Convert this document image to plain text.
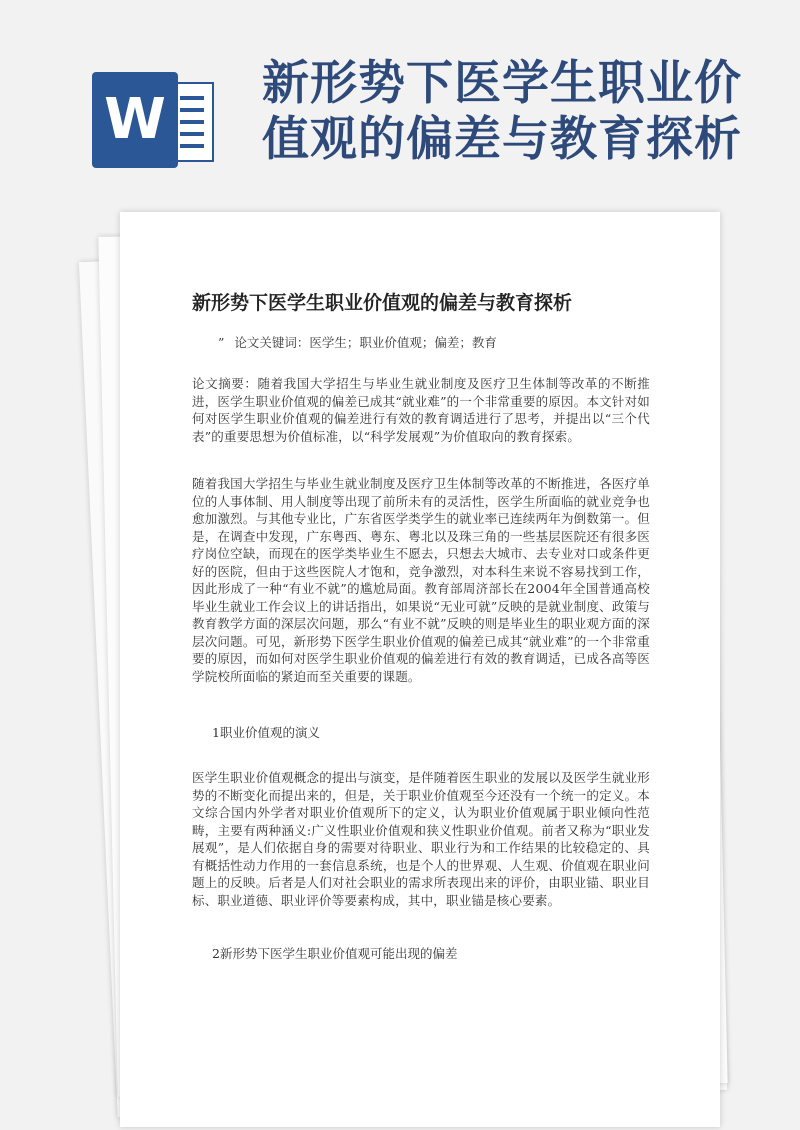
W
新形势下医学生职业价值观的偏差与教育探析
新形势下医学生职业价值观的偏差与教育探析
” 论文关键词：医学生；职业价值观；偏差；教育

论文摘要：随着我国大学招生与毕业生就业制度及医疗卫生体制等改革的不断推进，医学生职业价值观的偏差已成其“就业难”的一个非常重要的原因。本文针对如何对医学生职业价值观的偏差进行有效的教育调适进行了思考，并提出以“三个代表”的重要思想为价值标准，以“科学发展观”为价值取向的教育探索。

随着我国大学招生与毕业生就业制度及医疗卫生体制等改革的不断推进，各医疗单位的人事体制、用人制度等出现了前所未有的灵活性，医学生所面临的就业竞争也愈加激烈。与其他专业比，广东省医学类学生的就业率已连续两年为倒数第一。但是，在调查中发现，广东粤西、粤东、粤北以及珠三角的一些基层医院还有很多医疗岗位空缺，而现在的医学类毕业生不愿去，只想去大城市、去专业对口或条件更好的医院，但由于这些医院人才饱和，竞争激烈，对本科生来说不容易找到工作，因此形成了一种“有业不就”的尴尬局面。教育部周济部长在2004年全国普通高校毕业生就业工作会议上的讲话指出，如果说“无业可就”反映的是就业制度、政策与教育教学方面的深层次问题，那么“有业不就”反映的则是毕业生的职业观方面的深层次问题。可见，新形势下医学生职业价值观的偏差已成其“就业难”的一个非常重要的原因，而如何对医学生职业价值观的偏差进行有效的教育调适，已成各高等医学院校所面临的紧迫而至关重要的课题。

1职业价值观的演义

医学生职业价值观概念的提出与演变，是伴随着医生职业的发展以及医学生就业形势的不断变化而提出来的，但是，关于职业价值观至今还没有一个统一的定义。本文综合国内外学者对职业价值观所下的定义，认为职业价值观属于职业倾向性范畴，主要有两种涵义:广义性职业价值观和狭义性职业价值观。前者又称为“职业发展观”，是人们依据自身的需要对待职业、职业行为和工作结果的比较稳定的、具有概括性动力作用的一套信息系统，也是个人的世界观、人生观、价值观在职业问题上的反映。后者是人们对社会职业的需求所表现出来的评价，由职业锚、职业目标、职业道德、职业评价等要素构成，其中，职业锚是核心要素。

2新形势下医学生职业价值观可能出现的偏差
